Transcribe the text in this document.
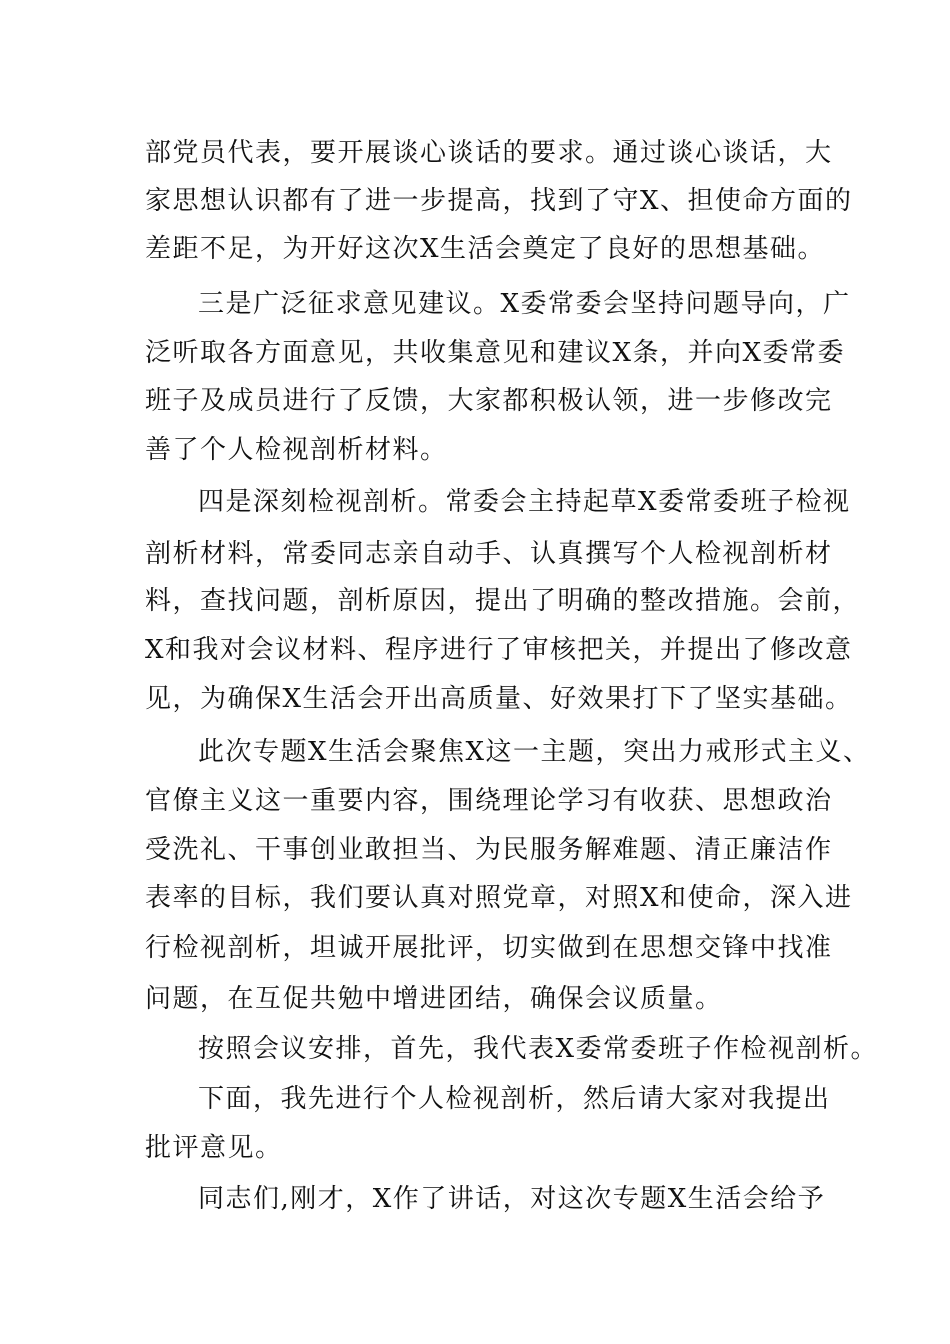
部党员代表，要开展谈心谈话的要求。通过谈心谈话，大
家思想认识都有了进一步提高，找到了守X、担使命方面的
差距不足，为开好这次X生活会奠定了良好的思想基础。
三是广泛征求意见建议。X委常委会坚持问题导向，广
泛听取各方面意见，共收集意见和建议X条，并向X委常委
班子及成员进行了反馈，大家都积极认领，进一步修改完
善了个人检视剖析材料。
四是深刻检视剖析。常委会主持起草X委常委班子检视
剖析材料，常委同志亲自动手、认真撰写个人检视剖析材
料，查找问题，剖析原因，提出了明确的整改措施。会前，
X和我对会议材料、程序进行了审核把关，并提出了修改意
见，为确保X生活会开出高质量、好效果打下了坚实基础。
此次专题X生活会聚焦X这一主题，突出力戒形式主义、
官僚主义这一重要内容，围绕理论学习有收获、思想政治
受洗礼、干事创业敢担当、为民服务解难题、清正廉洁作
表率的目标，我们要认真对照党章，对照X和使命，深入进
行检视剖析，坦诚开展批评，切实做到在思想交锋中找准
问题，在互促共勉中增进团结，确保会议质量。
按照会议安排，首先，我代表X委常委班子作检视剖析。
下面，我先进行个人检视剖析，然后请大家对我提出
批评意见。
同志们,刚才，X作了讲话，对这次专题X生活会给予
